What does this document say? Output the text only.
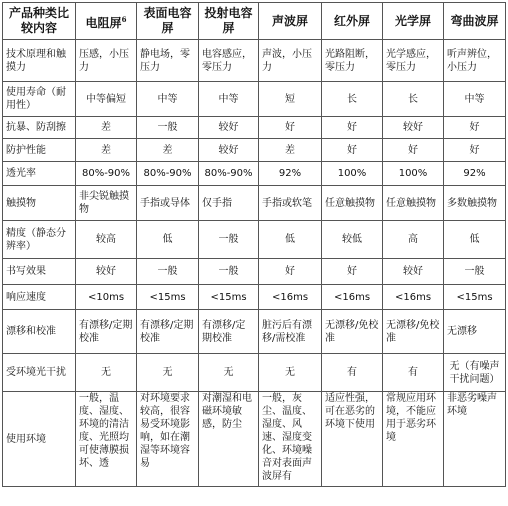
产品种类比较内容	电阻屏$^6$	表面电容屏	投射电容屏	声波屏	红外屏	光学屏	弯曲波屏
技术原理和触摸力	压感，小压力	静电场，零压力	电容感应，零压力	声波，小压力	光路阻断，零压力	光学感应，零压力	听声辨位，小压力
使用寿命（耐用性）	中等偏短	中等	中等	短	长	长	中等
抗暴、防刮擦	差	一般	较好	好	好	较好	好
防护性能	差	差	较好	差	好	好	好
透光率	80%-90%	80%-90%	80%-90%	92%	100%	100%	92%
触摸物	非尖锐触摸物	手指或导体	仅手指	手指或软笔	任意触摸物	任意触摸物	多数触摸物
精度（静态分辨率）	较高	低	一般	低	较低	高	低
书写效果	较好	一般	一般	好	好	较好	一般
响应速度	<10ms	<15ms	<15ms	<16ms	<16ms	<16ms	<15ms
漂移和校准	有漂移/定期校准	有漂移/定期校准	有漂移/定期校准	脏污后有漂移/需校准	无漂移/免校准	无漂移/免校准	无漂移
受环境光干扰	无	无	无	无	有	有	无（有噪声干扰问题）
使用环境	一般，温度、湿度、环境的清洁度、光照均可使薄膜损坏、透	对环境要求较高，很容易受环境影响，如在潮湿等环境容易	对潮湿和电磁环境敏感，防尘	一般，灰尘、温度、湿度、风速、湿度变化、环境噪音对表面声波屏有	适应性强，可在恶劣的环境下使用	常规应用环境，不能应用于恶劣环境	非恶劣噪声环境
